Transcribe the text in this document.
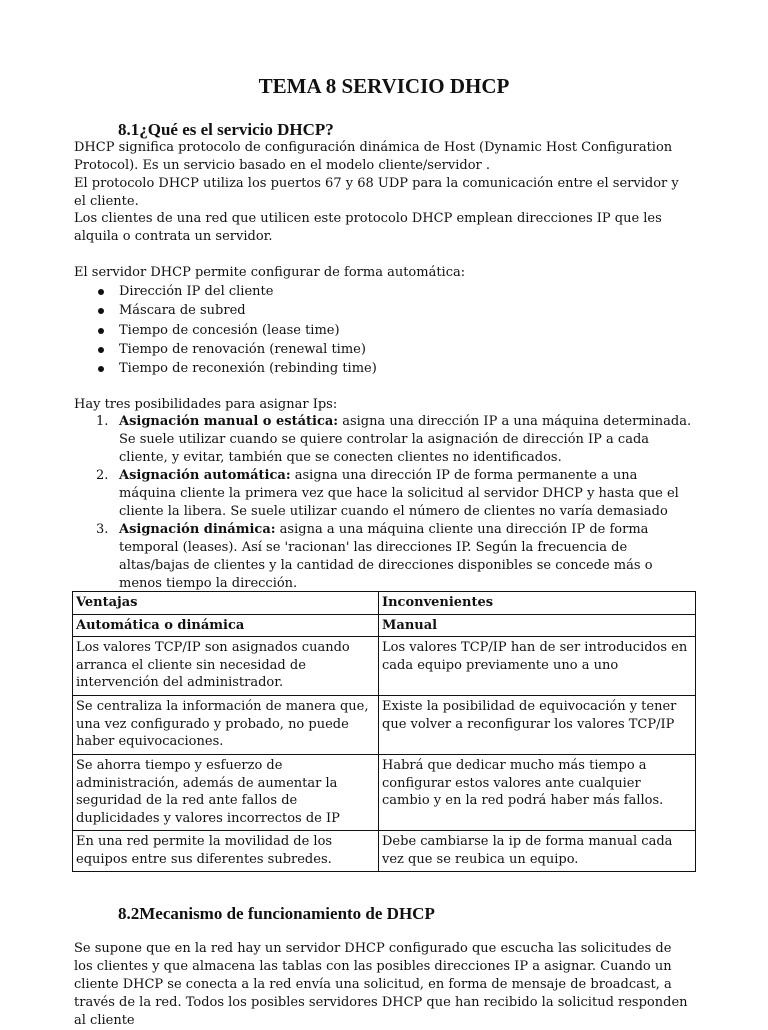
TEMA 8 SERVICIO DHCP
8.1¿Qué es el servicio DHCP?

DHCP significa protocolo de configuración dinámica de Host (Dynamic Host Configuration Protocol). Es un servicio basado en el modelo cliente/servidor .

El protocolo DHCP utiliza los puertos 67 y 68 UDP para la comunicación entre el servidor y el cliente.

Los clientes de una red que utilicen este protocolo DHCP emplean direcciones IP que les alquila o contrata un servidor.

El servidor DHCP permite configurar de forma automática:

Dirección IP del cliente
Máscara de subred
Tiempo de concesión (lease time)
Tiempo de renovación (renewal time)
Tiempo de reconexión (rebinding time)

Hay tres posibilidades para asignar Ips:

1. Asignación manual o estática: asigna una dirección IP a una máquina determinada. Se suele utilizar cuando se quiere controlar la asignación de dirección IP a cada cliente, y evitar, también que se conecten clientes no identificados.
2. Asignación automática: asigna una dirección IP de forma permanente a una máquina cliente la primera vez que hace la solicitud al servidor DHCP y hasta que el cliente la libera. Se suele utilizar cuando el número de clientes no varía demasiado
3. Asignación dinámica: asigna a una máquina cliente una dirección IP de forma temporal (leases). Así se 'racionan' las direcciones IP. Según la frecuencia de altas/bajas de clientes y la cantidad de direcciones disponibles se concede más o menos tiempo la dirección.
Ventajas	Inconvenientes
Automática o dinámica	Manual
Los valores TCP/IP son asignados cuando arranca el cliente sin necesidad de intervención del administrador.	Los valores TCP/IP han de ser introducidos en cada equipo previamente uno a uno
Se centraliza la información de manera que, una vez configurado y probado, no puede haber equivocaciones.	Existe la posibilidad de equivocación y tener que volver a reconfigurar los valores TCP/IP
Se ahorra tiempo y esfuerzo de administración, además de aumentar la seguridad de la red ante fallos de duplicidades y valores incorrectos de IP	Habrá que dedicar mucho más tiempo a configurar estos valores ante cualquier cambio y en la red podrá haber más fallos.
En una red permite la movilidad de los equipos entre sus diferentes subredes.	Debe cambiarse la ip de forma manual cada vez que se reubica un equipo.
8.2Mecanismo de funcionamiento de DHCP

Se supone que en la red hay un servidor DHCP configurado que escucha las solicitudes de los clientes y que almacena las tablas con las posibles direcciones IP a asignar. Cuando un cliente DHCP se conecta a la red envía una solicitud, en forma de mensaje de broadcast, a través de la red. Todos los posibles servidores DHCP que han recibido la solicitud responden al cliente
